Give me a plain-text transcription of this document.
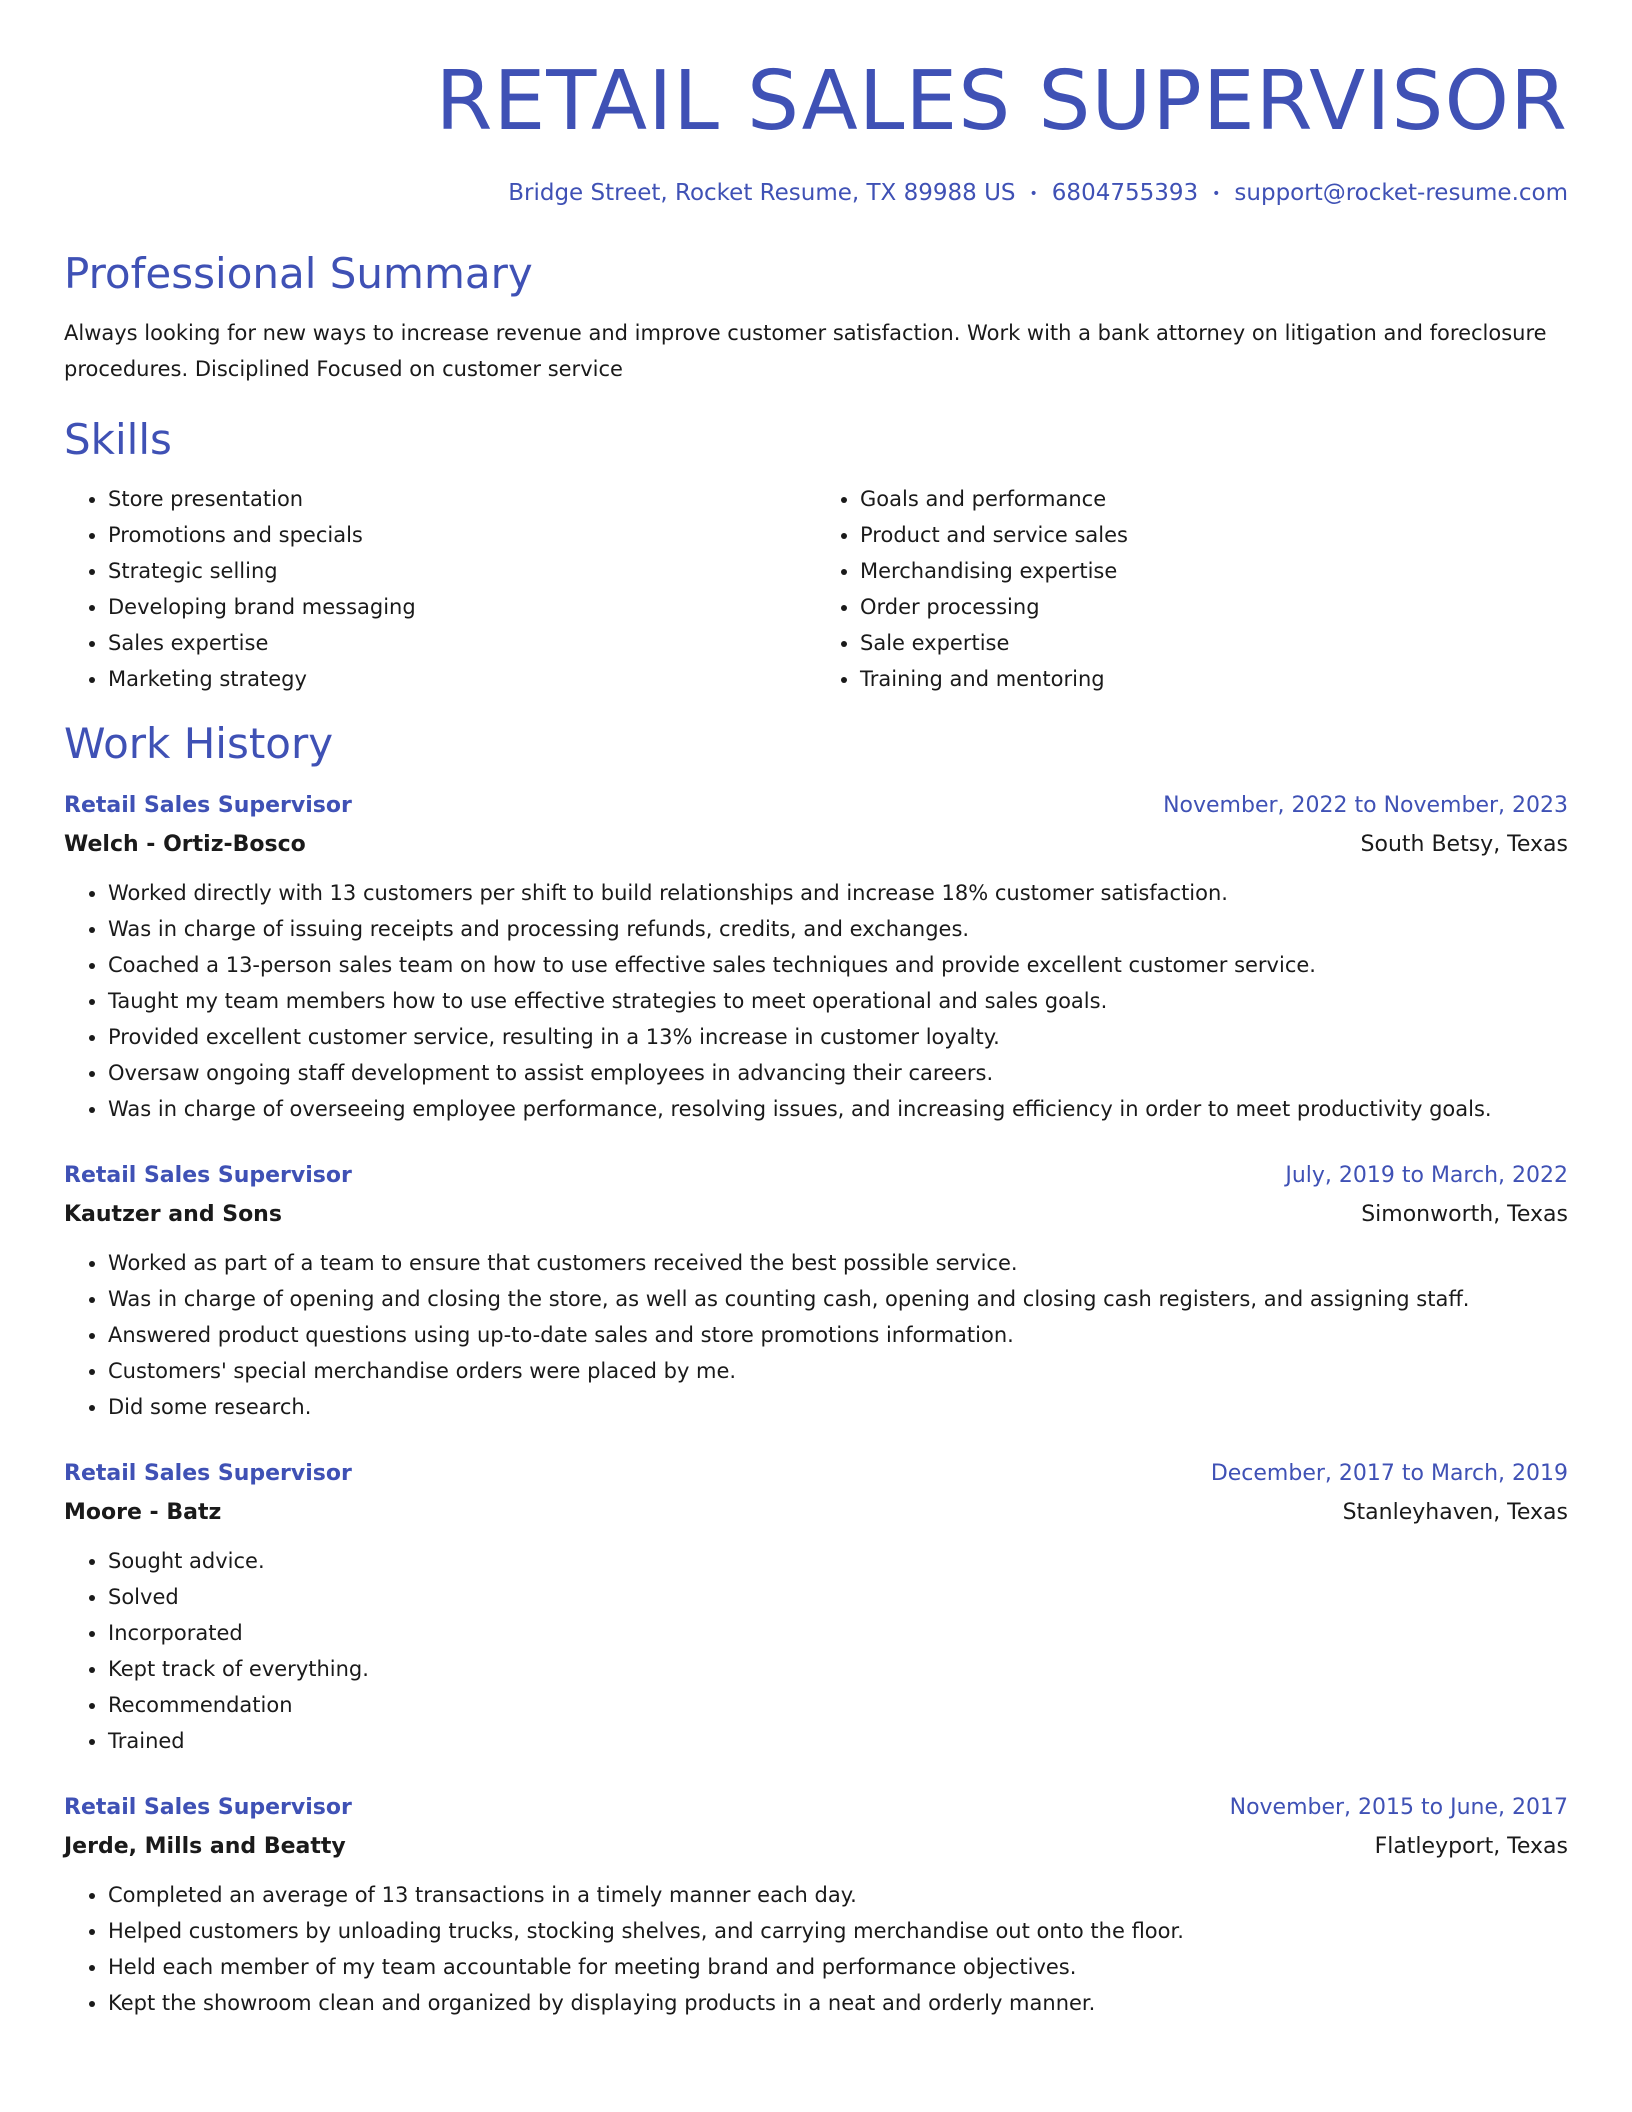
RETAIL SALES SUPERVISOR
Bridge Street, Rocket Resume, TX 89988 US • 6804755393 • support@rocket-resume.com
Professional Summary

Always looking for new ways to increase revenue and improve customer satisfaction. Work with a bank attorney on litigation and foreclosure procedures. Disciplined Focused on customer service

Skills
• Store presentation
• Promotions and specials
• Strategic selling
• Developing brand messaging
• Sales expertise
• Marketing strategy
• Goals and performance
• Product and service sales
• Merchandising expertise
• Order processing
• Sale expertise
• Training and mentoring
Work History
Retail Sales Supervisor	November, 2022 to November, 2023
Welch - Ortiz-Bosco	South Betsy, Texas
• Worked directly with 13 customers per shift to build relationships and increase 18% customer satisfaction.
• Was in charge of issuing receipts and processing refunds, credits, and exchanges.
• Coached a 13-person sales team on how to use effective sales techniques and provide excellent customer service.
• Taught my team members how to use effective strategies to meet operational and sales goals.
• Provided excellent customer service, resulting in a 13% increase in customer loyalty.
• Oversaw ongoing staff development to assist employees in advancing their careers.
• Was in charge of overseeing employee performance, resolving issues, and increasing efficiency in order to meet productivity goals.
Retail Sales Supervisor	July, 2019 to March, 2022
Kautzer and Sons	Simonworth, Texas
• Worked as part of a team to ensure that customers received the best possible service.
• Was in charge of opening and closing the store, as well as counting cash, opening and closing cash registers, and assigning staff.
• Answered product questions using up-to-date sales and store promotions information.
• Customers' special merchandise orders were placed by me.
• Did some research.
Retail Sales Supervisor	December, 2017 to March, 2019
Moore - Batz	Stanleyhaven, Texas
• Sought advice.
• Solved
• Incorporated
• Kept track of everything.
• Recommendation
• Trained
Retail Sales Supervisor	November, 2015 to June, 2017
Jerde, Mills and Beatty	Flatleyport, Texas
• Completed an average of 13 transactions in a timely manner each day.
• Helped customers by unloading trucks, stocking shelves, and carrying merchandise out onto the floor.
• Held each member of my team accountable for meeting brand and performance objectives.
• Kept the showroom clean and organized by displaying products in a neat and orderly manner.
